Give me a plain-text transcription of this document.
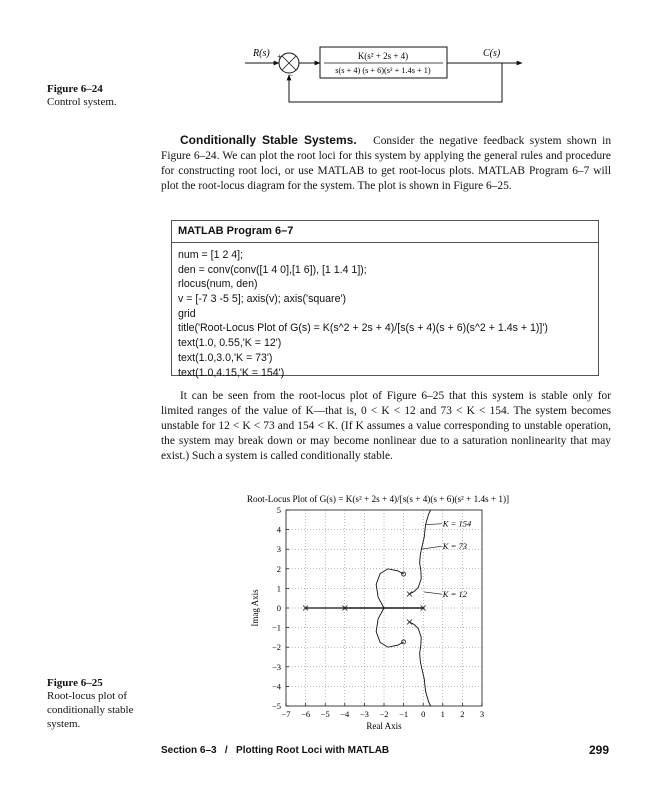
R(s) +
−
K(s² + 2s + 4)
s(s + 4) (s + 6)(s² + 1.4s + 1)
C(s)
Figure 6–24
Control system.
Conditionally Stable Systems. Consider the negative feedback system shown in Figure 6–24. We can plot the root loci for this system by applying the general rules and procedure for constructing root loci, or use MATLAB to get root-locus plots. MATLAB Program 6–7 will plot the root-locus diagram for the system. The plot is shown in Figure 6–25.
MATLAB Program 6–7
num = [1 2 4];
den = conv(conv([1 4 0],[1 6]), [1 1.4 1]);
rlocus(num, den)
v = [-7 3 -5 5]; axis(v); axis('square')
grid
title('Root-Locus Plot of G(s) = K(s^2 + 2s + 4)/[s(s + 4)(s + 6)(s^2 + 1.4s + 1)]')
text(1.0, 0.55,'K = 12')
text(1.0,3.0,'K = 73')
text(1.0,4.15,'K = 154')
It can be seen from the root-locus plot of Figure 6–25 that this system is stable only for limited ranges of the value of K—that is, 0 < K < 12 and 73 < K < 154. The system becomes unstable for 12 < K < 73 and 154 < K. (If K assumes a value corresponding to unstable operation, the system may break down or may become nonlinear due to a saturation nonlinearity that may exist.) Such a system is called conditionally stable.
Root-Locus Plot of G(s) = K(s² + 2s + 4)/[s(s + 4)(s + 6)(s² + 1.4s + 1)]
−7 −6 −5 −4 −3 −2 −1 0 1 2 3
5
4
3
2
1
0
−1
−2
−3
−4
−5
K = 154
K = 73
K = 12
Real Axis
Imag Axis
Figure 6–25
Root-locus plot of
conditionally stable
system.
Section 6–3   /   Plotting Root Loci with MATLAB	299
